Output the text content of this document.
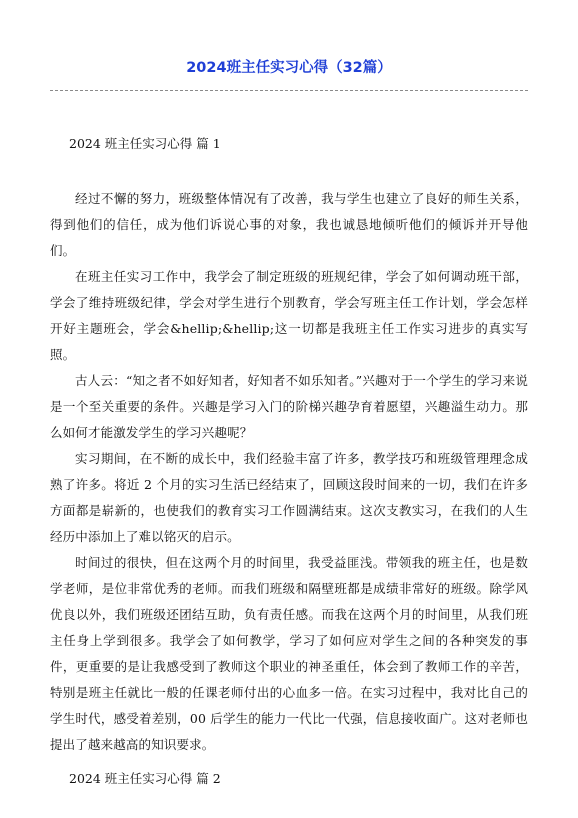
2024班主任实习心得（32篇）
2024 班主任实习心得 篇 1

经过不懈的努力，班级整体情况有了改善，我与学生也建立了良好的师生关系，得到他们的信任，成为他们诉说心事的对象，我也诚恳地倾听他们的倾诉并开导他们。

在班主任实习工作中，我学会了制定班级的班规纪律，学会了如何调动班干部，学会了维持班级纪律，学会对学生进行个别教育，学会写班主任工作计划，学会怎样开好主题班会，学会&hellip;&hellip;这一切都是我班主任工作实习进步的真实写照。

古人云：“知之者不如好知者，好知者不如乐知者。”兴趣对于一个学生的学习来说是一个至关重要的条件。兴趣是学习入门的阶梯兴趣孕育着愿望，兴趣溢生动力。那么如何才能激发学生的学习兴趣呢？

实习期间，在不断的成长中，我们经验丰富了许多，教学技巧和班级管理理念成熟了许多。将近 2 个月的实习生活已经结束了，回顾这段时间来的一切，我们在许多方面都是崭新的，也使我们的教育实习工作圆满结束。这次支教实习，在我们的人生经历中添加上了难以铭灭的启示。

时间过的很快，但在这两个月的时间里，我受益匪浅。带领我的班主任，也是数学老师，是位非常优秀的老师。而我们班级和隔壁班都是成绩非常好的班级。除学风优良以外，我们班级还团结互助，负有责任感。而我在这两个月的时间里，从我们班主任身上学到很多。我学会了如何教学，学习了如何应对学生之间的各种突发的事件，更重要的是让我感受到了教师这个职业的神圣重任，体会到了教师工作的辛苦，特别是班主任就比一般的任课老师付出的心血多一倍。在实习过程中，我对比自己的学生时代，感受着差别，00 后学生的能力一代比一代强，信息接收面广。这对老师也提出了越来越高的知识要求。

2024 班主任实习心得 篇 2
